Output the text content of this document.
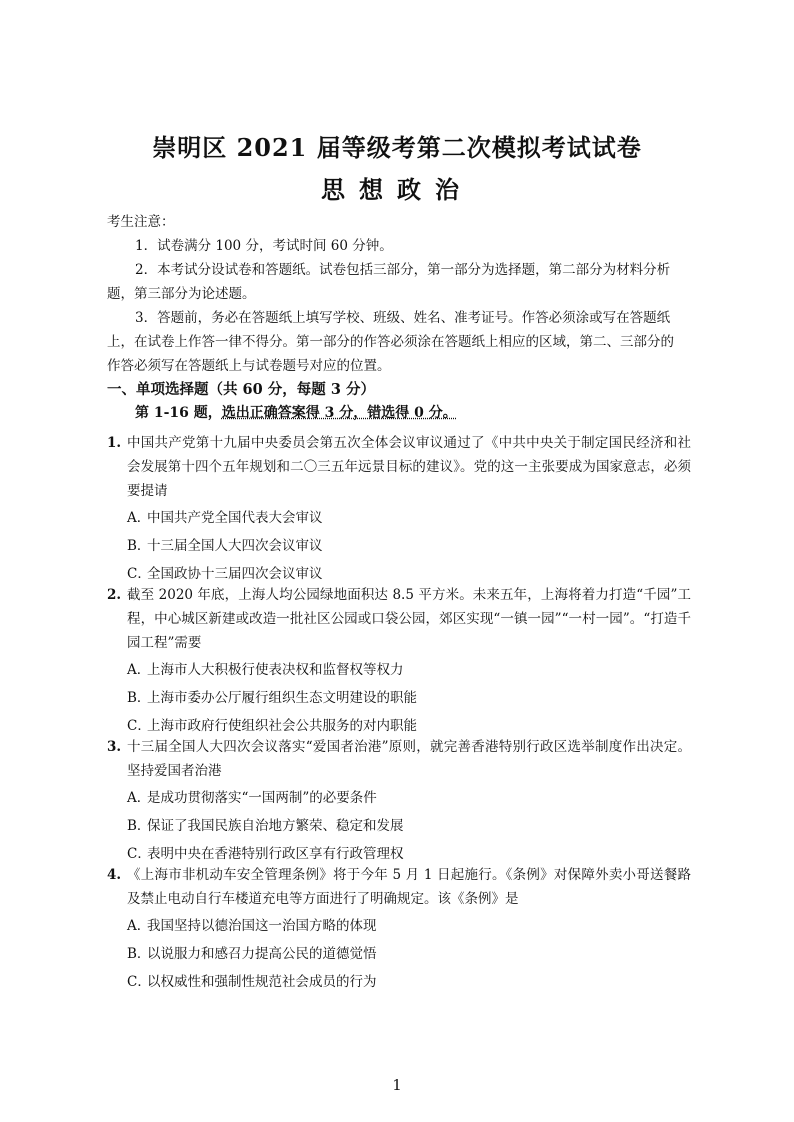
崇明区 2021 届等级考第二次模拟考试试卷
思想政治
考生注意：
1．试卷满分 100 分，考试时间 60 分钟。
2．本考试分设试卷和答题纸。试卷包括三部分，第一部分为选择题，第二部分为材料分析题，第三部分为论述题。
3．答题前，务必在答题纸上填写学校、班级、姓名、准考证号。作答必须涂或写在答题纸上，在试卷上作答一律不得分。第一部分的作答必须涂在答题纸上相应的区域，第二、三部分的作答必须写在答题纸上与试卷题号对应的位置。
一、单项选择题（共 60 分，每题 3 分）
第 1-16 题，选出正确答案得 3 分，错选得 0 分。
1. 中国共产党第十九届中央委员会第五次全体会议审议通过了《中共中央关于制定国民经济和社会发展第十四个五年规划和二〇三五年远景目标的建议》。党的这一主张要成为国家意志，必须要提请
A．
中国共产党全国代表大会审议
B．
十三届全国人大四次会议审议
C．
全国政协十三届四次会议审议
2. 截至 2020 年底，上海人均公园绿地面积达 8.5 平方米。未来五年，上海将着力打造“千园”工程，中心城区新建或改造一批社区公园或口袋公园，郊区实现“一镇一园”“一村一园”。“打造千园工程”需要
A．
上海市人大积极行使表决权和监督权等权力
B．
上海市委办公厅履行组织生态文明建设的职能
C．
上海市政府行使组织社会公共服务的对内职能
3. 十三届全国人大四次会议落实“爱国者治港”原则，就完善香港特别行政区选举制度作出决定。坚持爱国者治港
A．
是成功贯彻落实“一国两制”的必要条件
B．
保证了我国民族自治地方繁荣、稳定和发展
C．
表明中央在香港特别行政区享有行政管理权
4. 《上海市非机动车安全管理条例》将于今年 5 月 1 日起施行。《条例》对保障外卖小哥送餐路及禁止电动自行车楼道充电等方面进行了明确规定。该《条例》是
A．
我国坚持以德治国这一治国方略的体现
B．
以说服力和感召力提高公民的道德觉悟
C．
以权威性和强制性规范社会成员的行为
1
